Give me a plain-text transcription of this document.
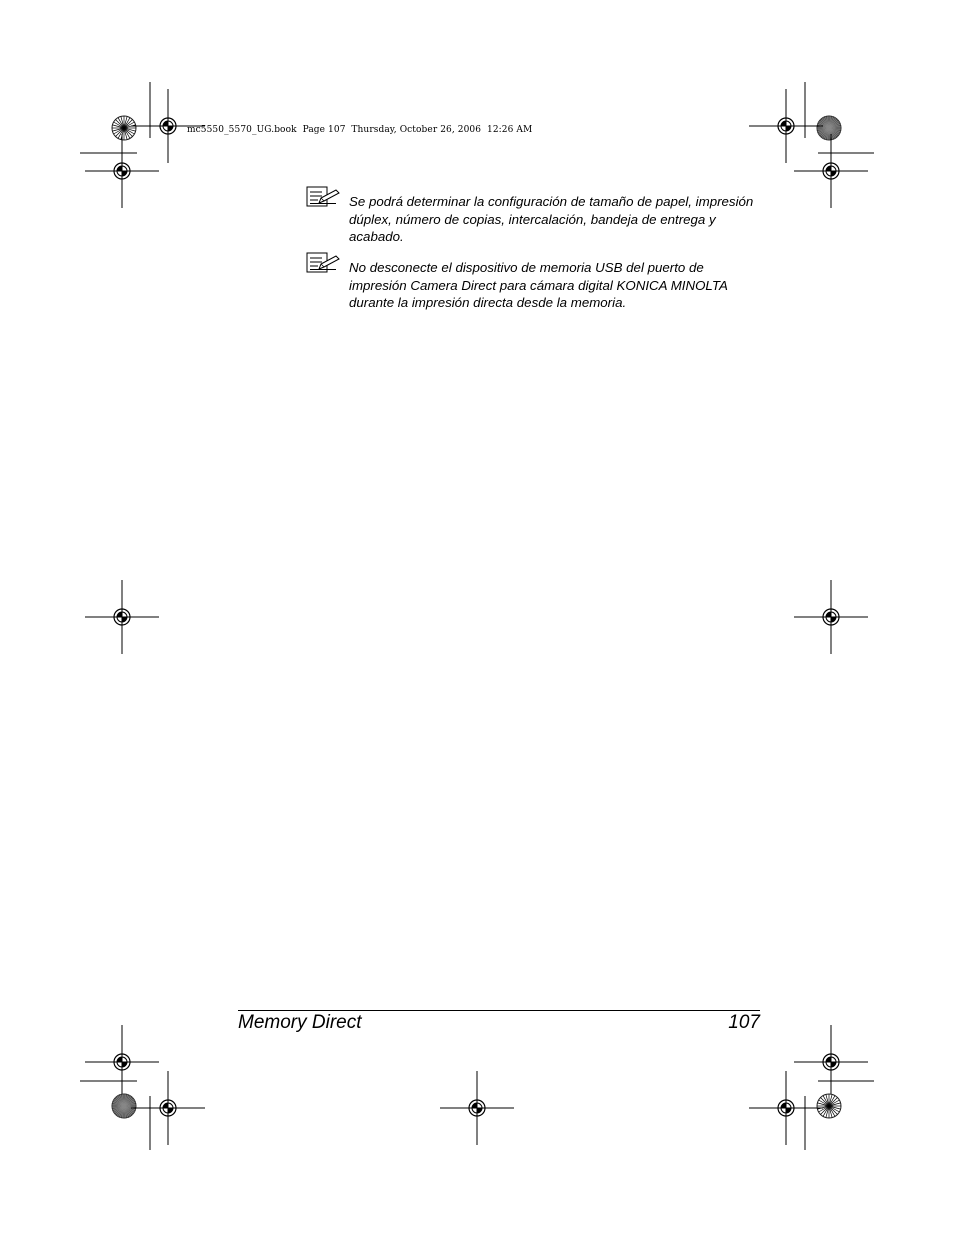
mc5550_5570_UG.book  Page 107  Thursday, October 26, 2006  12:26 AM
Se podrá determinar la configuración de tamaño de papel, impresión dúplex, número de copias, intercalación, bandeja de entrega y acabado.
No desconecte el dispositivo de memoria USB del puerto de impresión Camera Direct para cámara digital KONICA MINOLTA durante la impresión directa desde la memoria.
Memory Direct	107
